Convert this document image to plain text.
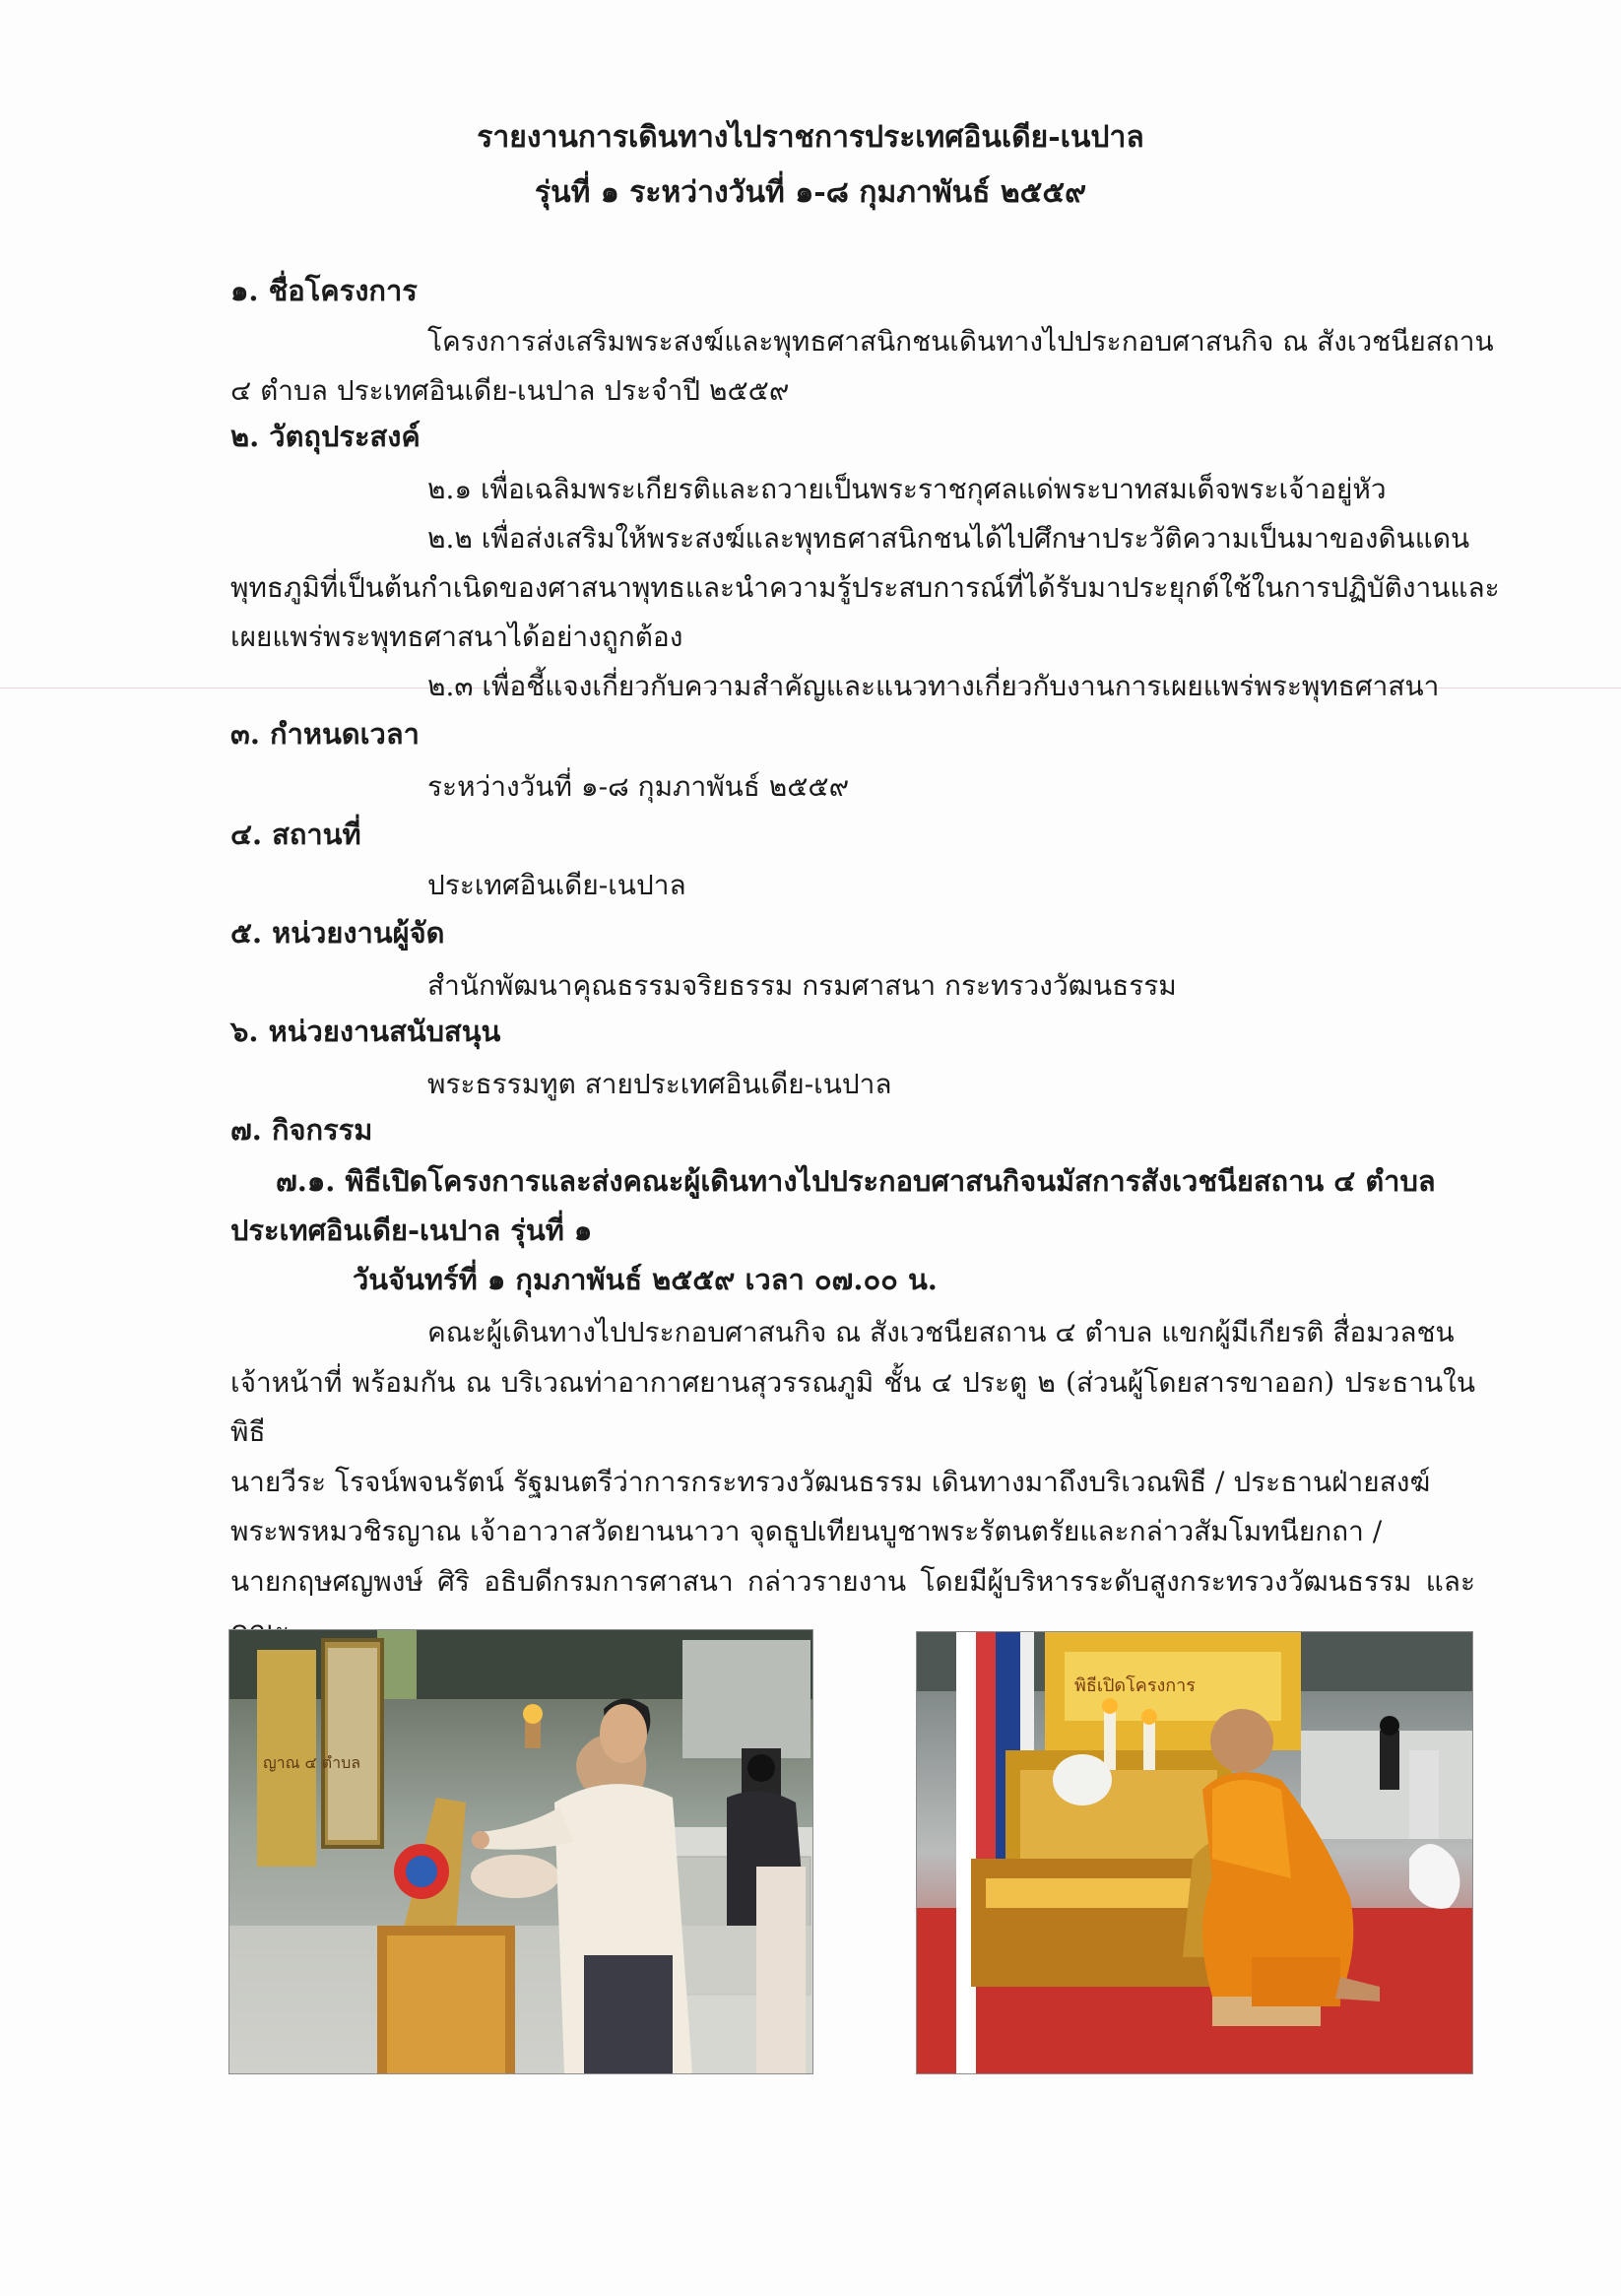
รายงานการเดินทางไปราชการประเทศอินเดีย-เนปาล
รุ่นที่ ๑ ระหว่างวันที่ ๑-๘ กุมภาพันธ์ ๒๕๕๙
๑. ชื่อโครงการ
โครงการส่งเสริมพระสงฆ์และพุทธศาสนิกชนเดินทางไปประกอบศาสนกิจ ณ สังเวชนียสถาน
๔ ตำบล ประเทศอินเดีย-เนปาล ประจำปี ๒๕๕๙
๒. วัตถุประสงค์
๒.๑ เพื่อเฉลิมพระเกียรติและถวายเป็นพระราชกุศลแด่พระบาทสมเด็จพระเจ้าอยู่หัว
๒.๒ เพื่อส่งเสริมให้พระสงฆ์และพุทธศาสนิกชนได้ไปศึกษาประวัติความเป็นมาของดินแดน
พุทธภูมิที่เป็นต้นกำเนิดของศาสนาพุทธและนำความรู้ประสบการณ์ที่ได้รับมาประยุกต์ใช้ในการปฏิบัติงานและ
เผยแพร่พระพุทธศาสนาได้อย่างถูกต้อง
๒.๓ เพื่อชี้แจงเกี่ยวกับความสำคัญและแนวทางเกี่ยวกับงานการเผยแพร่พระพุทธศาสนา
๓. กำหนดเวลา
ระหว่างวันที่ ๑-๘ กุมภาพันธ์ ๒๕๕๙
๔. สถานที่
ประเทศอินเดีย-เนปาล
๕. หน่วยงานผู้จัด
สำนักพัฒนาคุณธรรมจริยธรรม กรมศาสนา กระทรวงวัฒนธรรม
๖. หน่วยงานสนับสนุน
พระธรรมทูต สายประเทศอินเดีย-เนปาล
๗. กิจกรรม
๗.๑. พิธีเปิดโครงการและส่งคณะผู้เดินทางไปประกอบศาสนกิจนมัสการสังเวชนียสถาน ๔ ตำบล
ประเทศอินเดีย-เนปาล รุ่นที่ ๑
วันจันทร์ที่ ๑ กุมภาพันธ์ ๒๕๕๙ เวลา ๐๗.๐๐ น.
คณะผู้เดินทางไปประกอบศาสนกิจ ณ สังเวชนียสถาน ๔ ตำบล แขกผู้มีเกียรติ สื่อมวลชน
เจ้าหน้าที่ พร้อมกัน ณ บริเวณท่าอากาศยานสุวรรณภูมิ ชั้น ๔ ประตู ๒ (ส่วนผู้โดยสารขาออก) ประธานในพิธี
นายวีระ โรจน์พจนรัตน์ รัฐมนตรีว่าการกระทรวงวัฒนธรรม เดินทางมาถึงบริเวณพิธี / ประธานฝ่ายสงฆ์
พระพรหมวชิรญาณ เจ้าอาวาสวัดยานนาวา จุดธูปเทียนบูชาพระรัตนตรัยและกล่าวสัมโมทนียกถา /
นายกฤษศญพงษ์ ศิริ อธิบดีกรมการศาสนา กล่าวรายงาน โดยมีผู้บริหารระดับสูงกระทรวงวัฒนธรรม และ
ญาณ ๔ ตำบล
พิธีเปิดโครงการ
